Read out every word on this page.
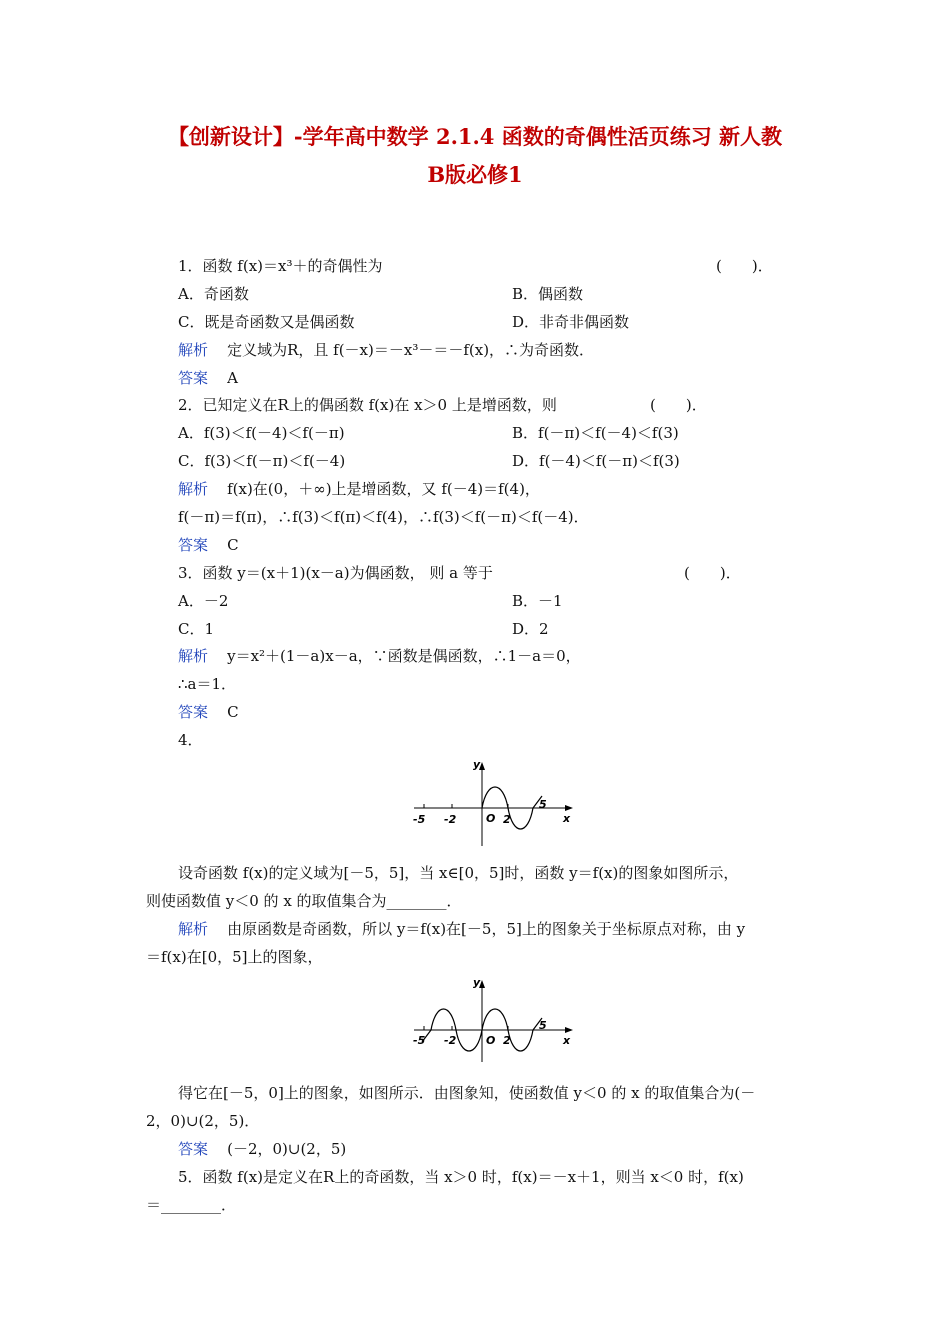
【创新设计】-学年高中数学 2.1.4 函数的奇偶性活页练习 新人教
B版必修1
1．函数 f(x)＝x³＋的奇偶性为	(　　)．
A．奇函数	B．偶函数
C．既是奇函数又是偶函数	D．非奇非偶函数
解析 定义域为R，且 f(－x)＝－x³－＝－f(x)，∴为奇函数．
答案 A
2．已知定义在R上的偶函数 f(x)在 x＞0 上是增函数，则	(　　)．
A．f(3)＜f(－4)＜f(－π)	B．f(－π)＜f(－4)＜f(3)
C．f(3)＜f(－π)＜f(－4)	D．f(－4)＜f(－π)＜f(3)
解析 f(x)在(0，＋∞)上是增函数，又 f(－4)＝f(4)，
f(－π)＝f(π)，∴f(3)＜f(π)＜f(4)，∴f(3)＜f(－π)＜f(－4)．
答案 C
3．函数 y＝(x＋1)(x－a)为偶函数， 则 a 等于	(　　)．
A．－2	B．－1
C．1	D．2
解析 y＝x²＋(1－a)x－a，∵函数是偶函数，∴1－a＝0，
∴a＝1．
答案 C
4．
y
x
O
-5 -2	2
5
设奇函数 f(x)的定义域为[－5，5]，当 x∈[0，5]时，函数 y＝f(x)的图象如图所示，
则使函数值 y＜0 的 x 的取值集合为________．
解析 由原函数是奇函数，所以 y＝f(x)在[－5，5]上的图象关于坐标原点对称，由 y
＝f(x)在[0，5]上的图象，
y
x
O
-5 -2	2
5
得它在[－5，0]上的图象，如图所示．由图象知，使函数值 y＜0 的 x 的取值集合为(－
2，0)∪(2，5)．
答案 (－2，0)∪(2，5)
5．函数 f(x)是定义在R上的奇函数，当 x＞0 时，f(x)＝－x＋1，则当 x＜0 时，f(x)
＝________．
